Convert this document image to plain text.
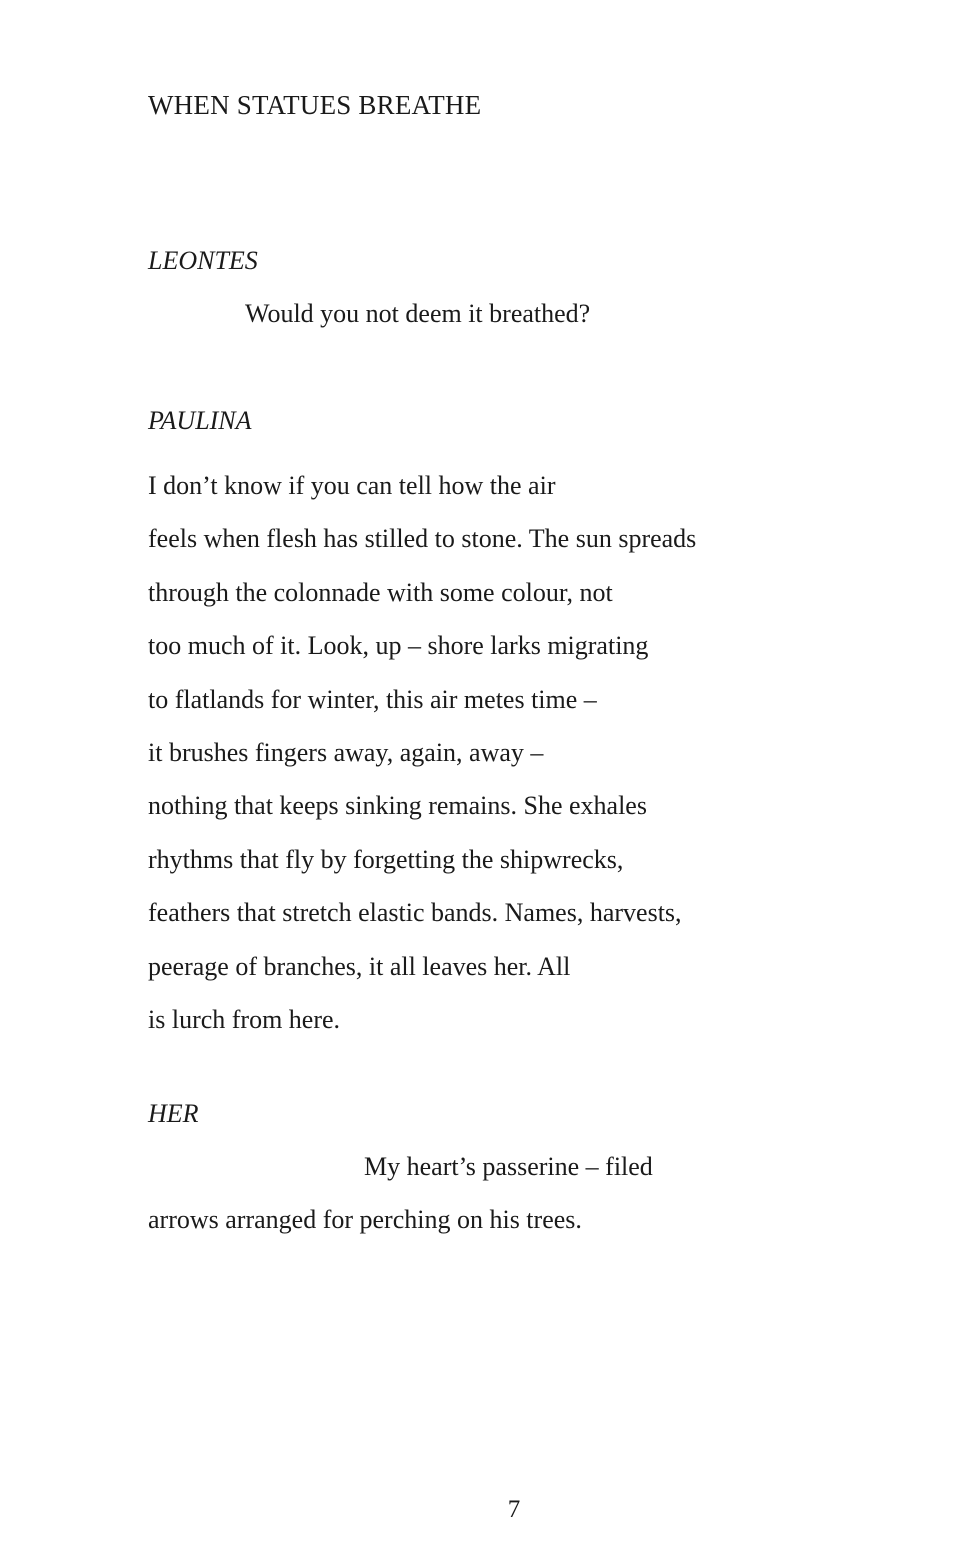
WHEN STATUES BREATHE
LEONTES
Would you not deem it breathed?
PAULINA
I don’t know if you can tell how the air
feels when flesh has stilled to stone. The sun spreads
through the colonnade with some colour, not
too much of it. Look, up – shore larks migrating
to flatlands for winter, this air metes time –
it brushes fingers away, again, away –
nothing that keeps sinking remains. She exhales
rhythms that fly by forgetting the shipwrecks,
feathers that stretch elastic bands. Names, harvests,
peerage of branches, it all leaves her. All
is lurch from here.
HER
My heart’s passerine – filed
arrows arranged for perching on his trees.
7
